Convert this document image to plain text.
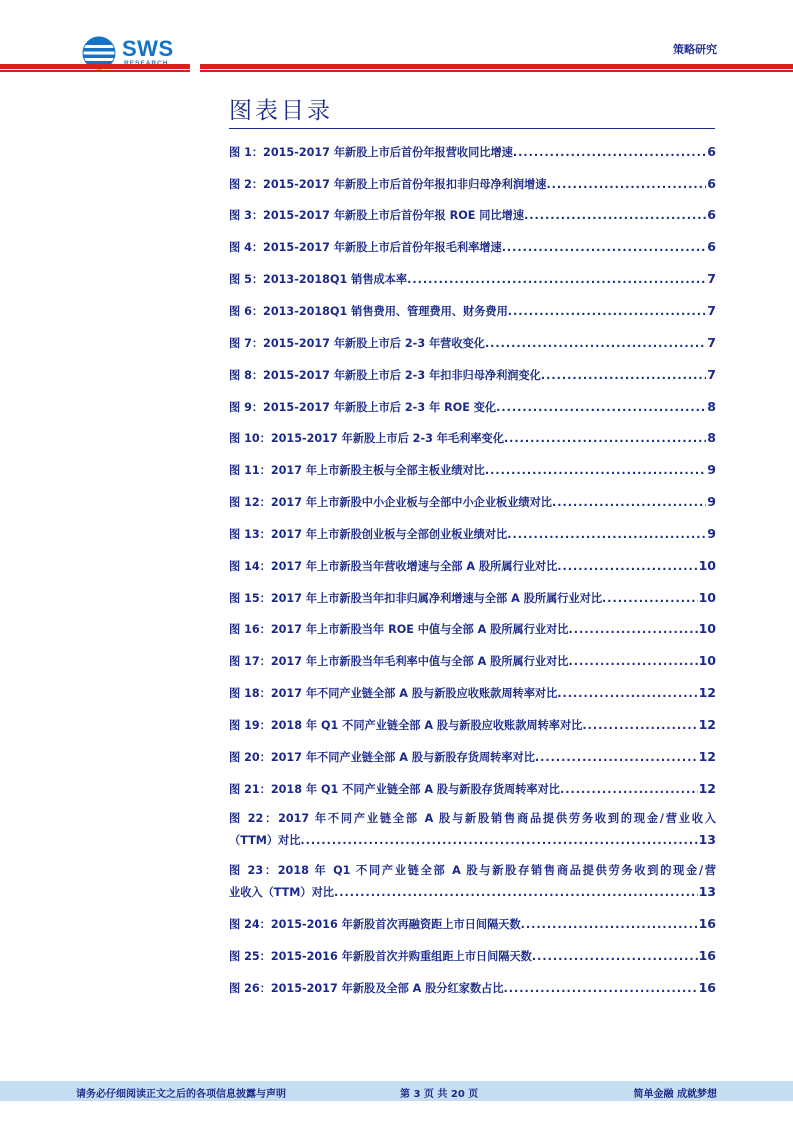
SWS	策略研究
图表目录
图 1：2015-2017 年新股上市后首份年报营收同比增速 .....	6
图 2：2015-2017 年新股上市后首份年报扣非归母净利润增速 .....	6
图 3：2015-2017 年新股上市后首份年报 ROE 同比增速 .....	6
图 4：2015-2017 年新股上市后首份年报毛利率增速 .....	6
图 5：2013-2018Q1 销售成本率 .....	7
图 6：2013-2018Q1 销售费用、管理费用、财务费用 .....	7
图 7：2015-2017 年新股上市后 2-3 年营收变化 .....	7
图 8：2015-2017 年新股上市后 2-3 年扣非归母净利润变化 .....	7
图 9：2015-2017 年新股上市后 2-3 年 ROE 变化 .....	8
图 10：2015-2017 年新股上市后 2-3 年毛利率变化 .....	8
图 11：2017 年上市新股主板与全部主板业绩对比 .....	9
图 12：2017 年上市新股中小企业板与全部中小企业板业绩对比 .....	9
图 13：2017 年上市新股创业板与全部创业板业绩对比 .....	9
图 14：2017 年上市新股当年营收增速与全部 A 股所属行业对比 .....	10
图 15：2017 年上市新股当年扣非归属净利增速与全部 A 股所属行业对比 .....	10
图 16：2017 年上市新股当年 ROE 中值与全部 A 股所属行业对比 .....	10
图 17：2017 年上市新股当年毛利率中值与全部 A 股所属行业对比 .....	10
图 18：2017 年不同产业链全部 A 股与新股应收账款周转率对比 .....	12
图 19：2018 年 Q1 不同产业链全部 A 股与新股应收账款周转率对比 .....	12
图 20：2017 年不同产业链全部 A 股与新股存货周转率对比 .....	12
图 21：2018 年 Q1 不同产业链全部 A 股与新股存货周转率对比 .....	12
图 22：2017 年不同产业链全部 A 股与新股销售商品提供劳务收到的现金/营业收入
（TTM）对比 .....	13
图 23：2018 年 Q1 不同产业链全部 A 股与新股存销售商品提供劳务收到的现金/营
业收入（TTM）对比 .....	13
图 24：2015-2016 年新股首次再融资距上市日间隔天数 .....	16
图 25：2015-2016 年新股首次并购重组距上市日间隔天数 .....	16
图 26：2015-2017 年新股及全部 A 股分红家数占比 .....	16
请务必仔细阅读正文之后的各项信息披露与声明	第 3 页 共 20 页	简单金融 成就梦想
